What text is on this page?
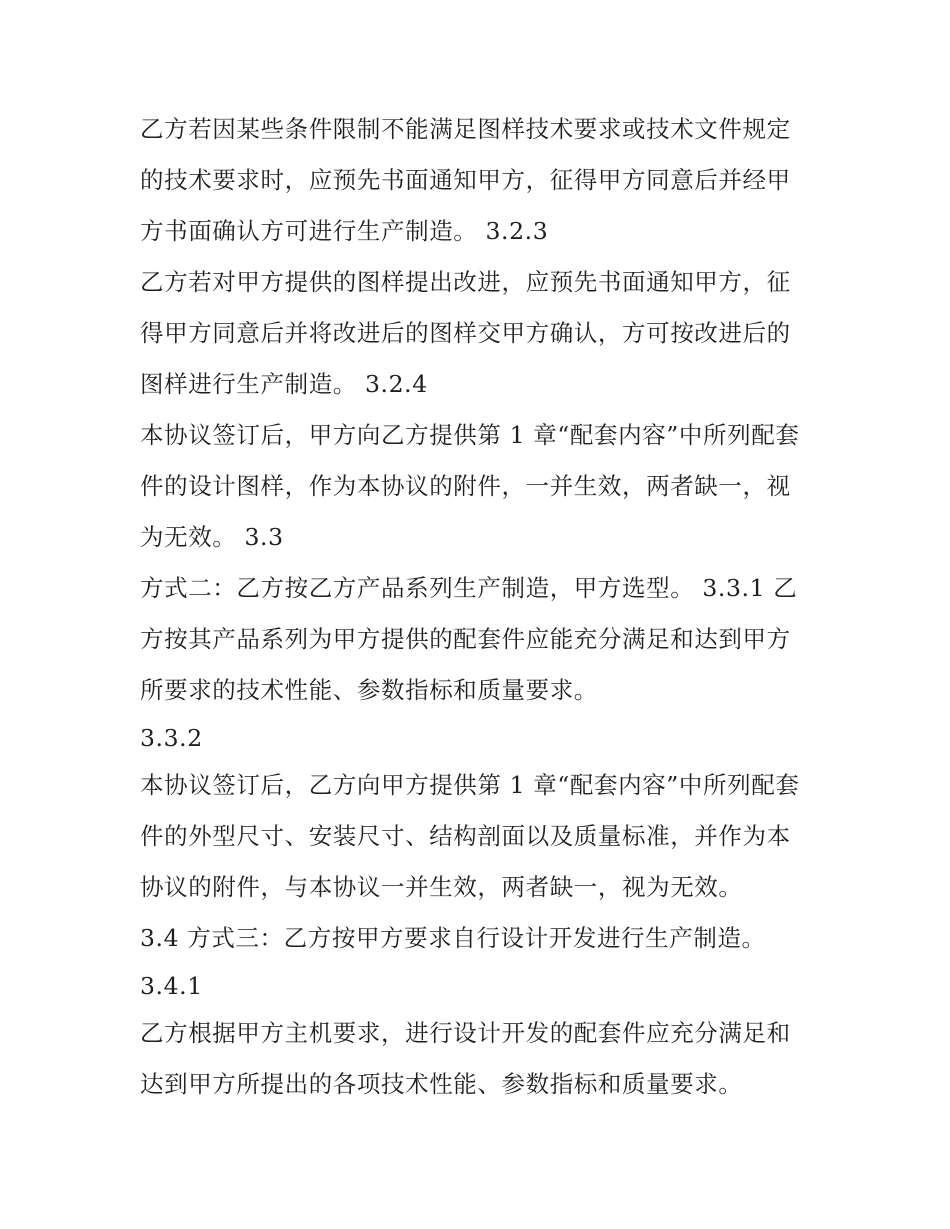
乙方若因某些条件限制不能满足图样技术要求或技术文件规定
的技术要求时，应预先书面通知甲方，征得甲方同意后并经甲
方书面确认方可进行生产制造。 3.2.3
乙方若对甲方提供的图样提出改进，应预先书面通知甲方，征
得甲方同意后并将改进后的图样交甲方确认，方可按改进后的
图样进行生产制造。 3.2.4
本协议签订后，甲方向乙方提供第 1 章“配套内容”中所列配套
件的设计图样，作为本协议的附件，一并生效，两者缺一，视
为无效。 3.3
方式二：乙方按乙方产品系列生产制造，甲方选型。 3.3.1 乙
方按其产品系列为甲方提供的配套件应能充分满足和达到甲方
所要求的技术性能、参数指标和质量要求。
3.3.2
本协议签订后，乙方向甲方提供第 1 章“配套内容”中所列配套
件的外型尺寸、安装尺寸、结构剖面以及质量标准，并作为本
协议的附件，与本协议一并生效，两者缺一，视为无效。
3.4 方式三：乙方按甲方要求自行设计开发进行生产制造。
3.4.1
乙方根据甲方主机要求，进行设计开发的配套件应充分满足和
达到甲方所提出的各项技术性能、参数指标和质量要求。
